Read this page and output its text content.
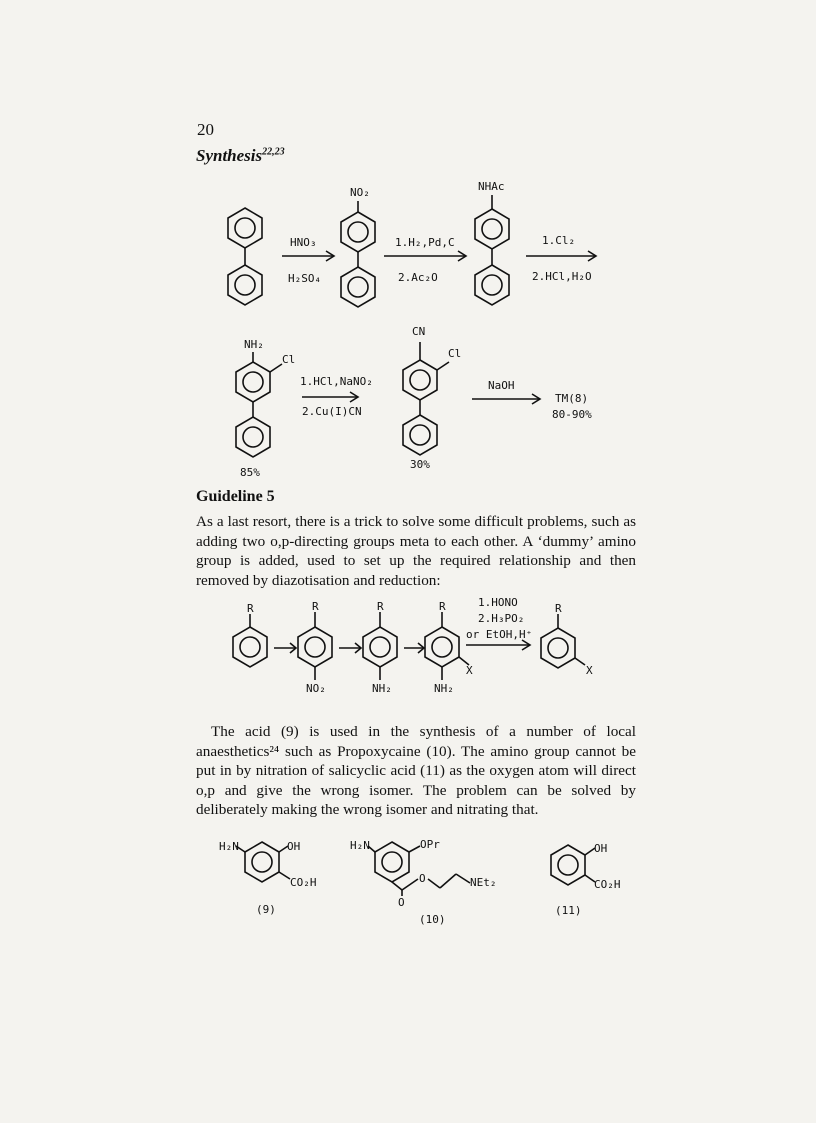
20
Synthesis$^{22,23}$
NO₂	NHAc
HNO₃
H₂SO₄
1.H₂,Pd,C
2.Ac₂O
1.Cl₂
2.HCl,H₂O
NH₂
Cl
85%
1.HCl,NaNO₂
2.Cu(I)CN
CN
Cl
30%
NaOH
TM(8)
80-90%
R	R	R	R	R
NO₂	NH₂	NH₂
X	X
1.HONO
2.H₃PO₂
or EtOH,H⁺
H₂N	OH
CO₂H
(9)
H₂N	OPr
O
O
NEt₂
(10)
OH
CO₂H
(11)
Guideline 5
As a last resort, there is a trick to solve some difficult problems, such as adding two o,p-directing groups meta to each other. A ‘dummy’ amino group is added, used to set up the required relationship and then removed by diazotisation and reduction:
The acid (9) is used in the synthesis of a number of local anaesthetics²⁴ such as Propoxycaine (10). The amino group cannot be put in by nitration of salicyclic acid (11) as the oxygen atom will direct o,p and give the wrong isomer. The problem can be solved by deliberately making the wrong isomer and nitrating that.
